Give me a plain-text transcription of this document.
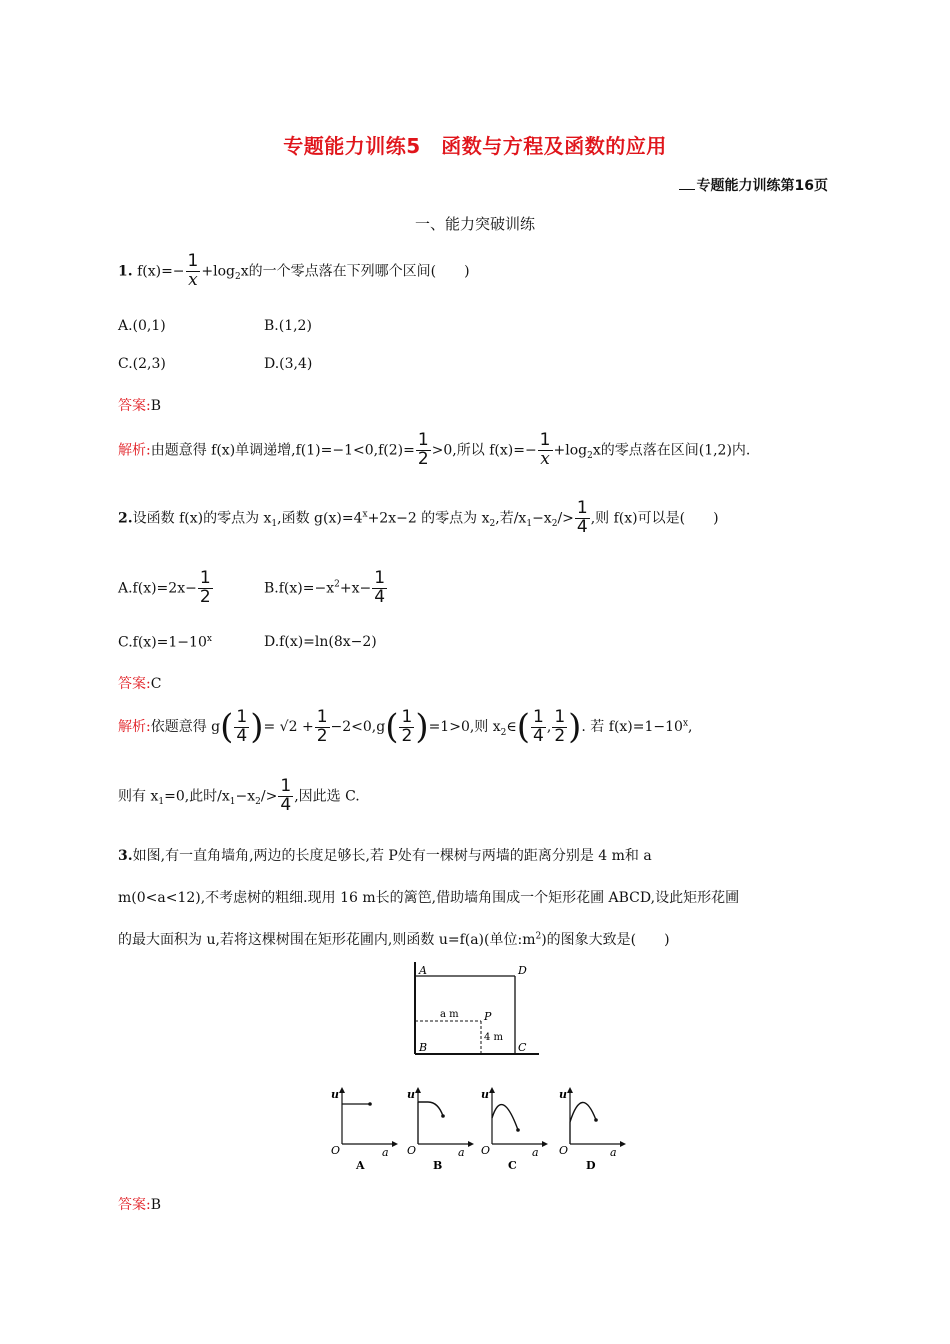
专题能力训练5　函数与方程及函数的应用
专题能力训练第16页
一、能力突破训练
1. $f(x)=- \frac{1}{x} +\log_2x$的一个零点落在下列哪个区间(　　)
A.(0,1)	B.(1,2)
C.(2,3)	D.(3,4)
答案:B
解析:由题意得 f(x)单调递增$,f(1)=-1<0,f(2)= \frac{1}{2} >0$,所以 $f(x)=- \frac{1}{x} +\log_2x$的零点落在区间(1,2)内.
2.设函数 f(x)的零点为 $x_1$,函数 $g(x)=4^x+2x-2$ 的零点为 $x_2$,若$/x_1-x_2/> \frac{1}{4}$ ,则 f(x)可以是(　　)
$A.f(x)=2x- \frac{1}{2}$	$B.f(x)=-x^2+x- \frac{1}{4}$
$C.f(x)=1-10^x$	D.f(x)=ln(8x−2)
答案:C
解析:依题意得 $g( \frac{1}{4}$ )= $√2 + \frac{1}{2} -2<0,g( \frac{1}{2} )=1>0$,则 $x_2\in( \frac{1}{4}$ , $\frac{1}{2}$ ). 若 $f(x)=1-10^x$,
则有 $x_1=0$,此时$/x_1-x_2/> \frac{1}{4}$ ,因此选 C.
3.如图,有一直角墙角,两边的长度足够长,若 P处有一棵树与两墙的距离分别是 4 m和 a
m(0<a<12),不考虑树的粗细.现用 16 m长的篱笆,借助墙角围成一个矩形花圃 ABCD,设此矩形花圃
的最大面积为 u,若将这棵树围在矩形花圃内,则函数 u=f(a)(单位$:m^2$)的图象大致是(　　)
A	D
B	C
P
a m
4 m
u
O	a
A
u
O	a
B
u
O	a
C
u
O	a
D
答案:B
